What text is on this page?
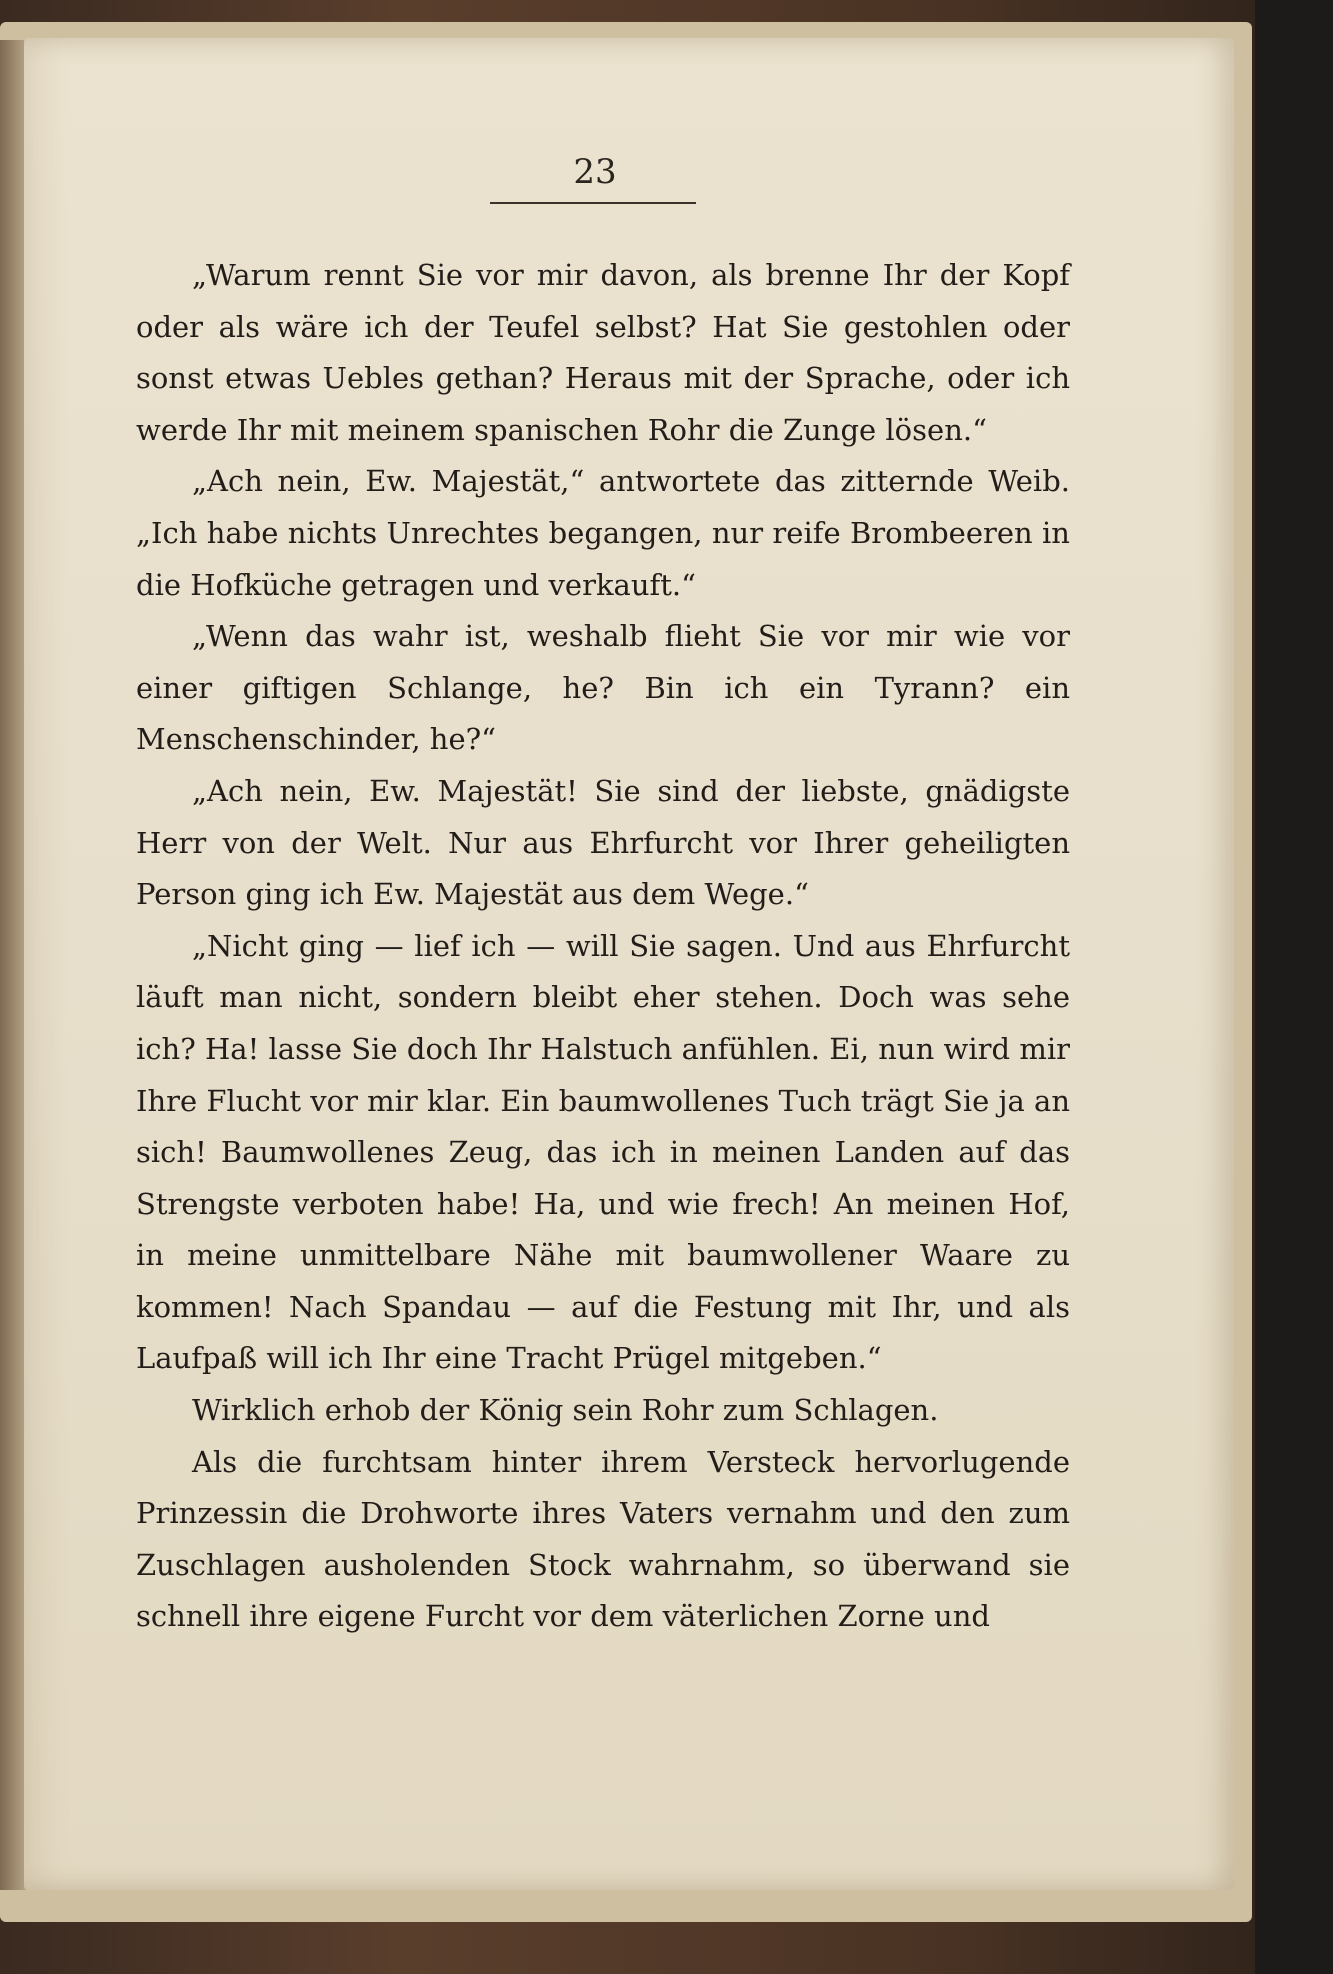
23

„Warum rennt Sie vor mir davon, als brenne Ihr der Kopf oder als wäre ich der Teufel selbst? Hat Sie gestohlen oder sonst etwas Uebles gethan? Heraus mit der Sprache, oder ich werde Ihr mit meinem spanischen Rohr die Zunge lösen.“

„Ach nein, Ew. Majestät,“ antwortete das zitternde Weib. „Ich habe nichts Unrechtes begangen, nur reife Brombeeren in die Hofküche getragen und verkauft.“

„Wenn das wahr ist, weshalb flieht Sie vor mir wie vor einer giftigen Schlange, he? Bin ich ein Tyrann? ein Menschenschinder, he?“

„Ach nein, Ew. Majestät! Sie sind der liebste, gnädigste Herr von der Welt. Nur aus Ehrfurcht vor Ihrer geheiligten Person ging ich Ew. Majestät aus dem Wege.“

„Nicht ging — lief ich — will Sie sagen. Und aus Ehrfurcht läuft man nicht, sondern bleibt eher stehen. Doch was sehe ich? Ha! lasse Sie doch Ihr Halstuch anfühlen. Ei, nun wird mir Ihre Flucht vor mir klar. Ein baumwollenes Tuch trägt Sie ja an sich! Baumwollenes Zeug, das ich in meinen Landen auf das Strengste verboten habe! Ha, und wie frech! An meinen Hof, in meine unmittelbare Nähe mit baumwollener Waare zu kommen! Nach Spandau — auf die Festung mit Ihr, und als Laufpaß will ich Ihr eine Tracht Prügel mitgeben.“

Wirklich erhob der König sein Rohr zum Schlagen.

Als die furchtsam hinter ihrem Versteck hervorlugende Prinzessin die Drohworte ihres Vaters vernahm und den zum Zuschlagen ausholenden Stock wahrnahm, so überwand sie schnell ihre eigene Furcht vor dem väterlichen Zorne und
